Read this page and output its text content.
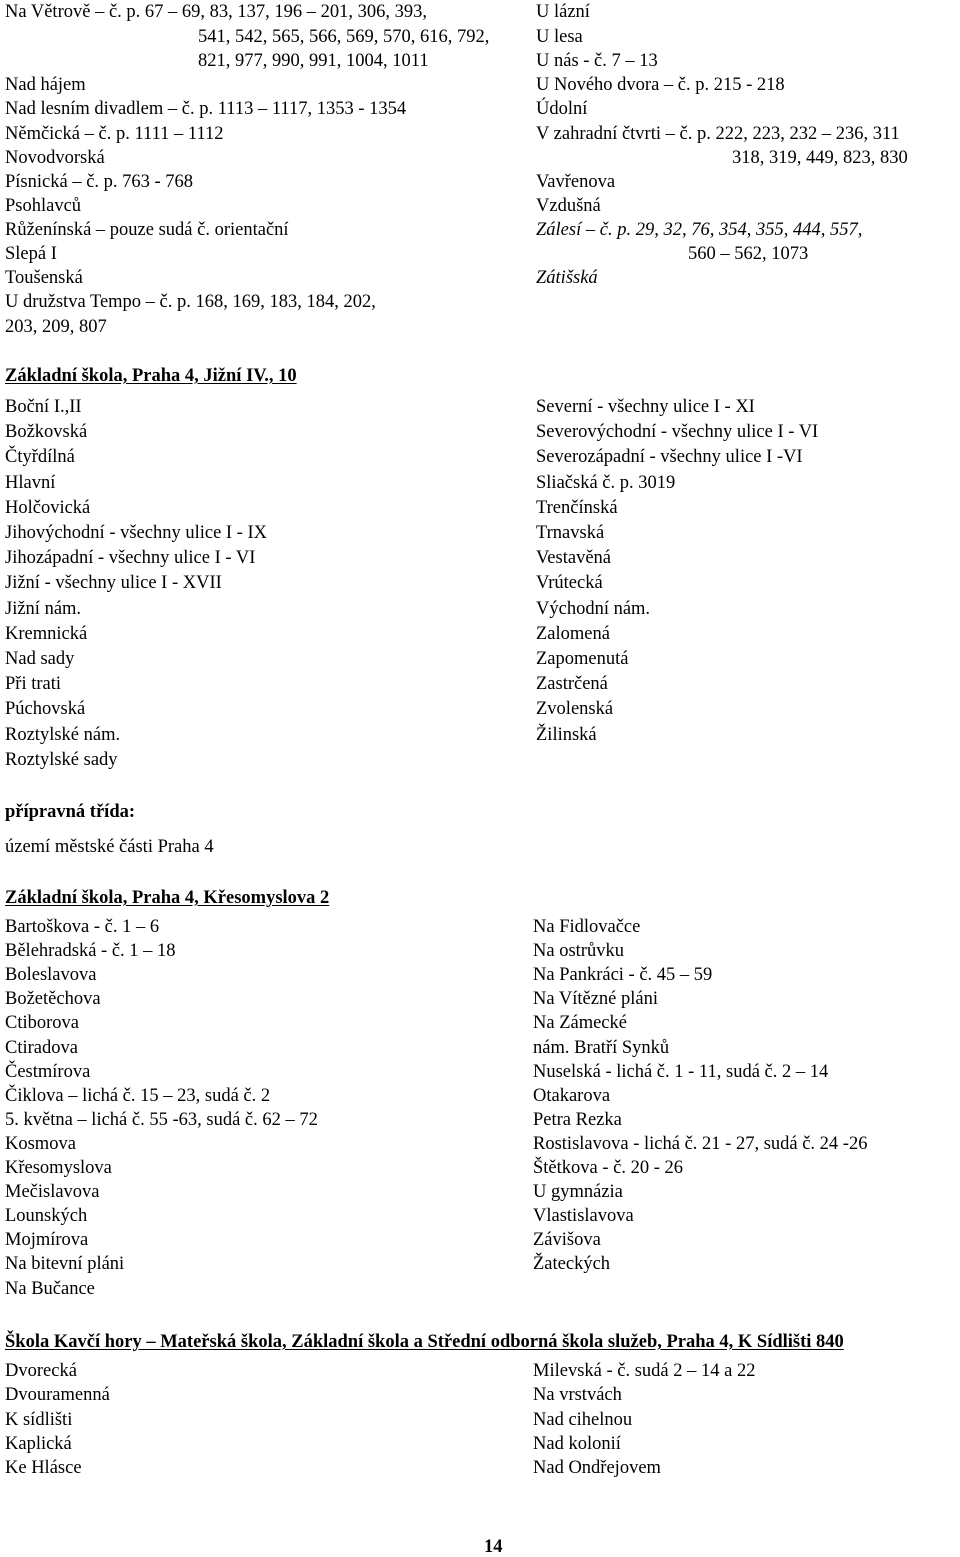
Na Větrově – č. p. 67 – 69, 83, 137, 196 – 201, 306, 393,
541, 542, 565, 566, 569, 570, 616, 792,
821, 977, 990, 991, 1004, 1011
Nad hájem
Nad lesním divadlem – č. p. 1113 – 1117, 1353 - 1354
Němčická – č. p. 1111 – 1112
Novodvorská
Písnická – č. p. 763 - 768
Psohlavců
Růženínská – pouze sudá č. orientační
Slepá I
Toušenská
U družstva Tempo – č. p. 168, 169, 183, 184, 202,
203, 209, 807
U lázní
U lesa
U nás - č. 7 – 13
U Nového dvora – č. p. 215 - 218
Údolní
V zahradní čtvrti – č. p. 222, 223, 232 – 236, 311
318, 319, 449, 823, 830
Vavřenova
Vzdušná
Zálesí – č. p. 29, 32, 76, 354, 355, 444, 557,
560 – 562, 1073
Zátišská
Boční I.,II
Božkovská
Čtyřdílná
Hlavní
Holčovická
Jihovýchodní - všechny ulice I - IX
Jihozápadní - všechny ulice I - VI
Jižní - všechny ulice I - XVII
Jižní nám.
Kremnická
Nad sady
Při trati
Púchovská
Roztylské nám.
Roztylské sady
Severní - všechny ulice I - XI
Severovýchodní - všechny ulice I - VI
Severozápadní - všechny ulice I -VI
Sliačská č. p. 3019
Trenčínská
Trnavská
Vestavěná
Vrútecká
Východní nám.
Zalomená
Zapomenutá
Zastrčená
Zvolenská
Žilinská
Bartoškova - č. 1 – 6
Bělehradská - č. 1 – 18
Boleslavova
Božetěchova
Ctiborova
Ctiradova
Čestmírova
Čiklova – lichá č. 15 – 23, sudá č. 2
5. května – lichá č. 55 -63, sudá č. 62 – 72
Kosmova
Křesomyslova
Mečislavova
Lounských
Mojmírova
Na bitevní pláni
Na Bučance
Na Fidlovačce
Na ostrůvku
Na Pankráci - č. 45 – 59
Na Vítězné pláni
Na Zámecké
nám. Bratří Synků
Nuselská - lichá č. 1 - 11, sudá č. 2 – 14
Otakarova
Petra Rezka
Rostislavova - lichá č. 21 - 27, sudá č. 24 -26
Štětkova - č. 20 - 26
U gymnázia
Vlastislavova
Závišova
Žateckých
Dvorecká
Dvouramenná
K sídlišti
Kaplická
Ke Hlásce
Milevská - č. sudá 2 – 14 a 22
Na vrstvách
Nad cihelnou
Nad kolonií
Nad Ondřejovem
Základní škola, Praha 4, Jižní IV., 10
přípravná třída:
území městské části Praha 4
Základní škola, Praha 4, Křesomyslova 2
Škola Kavčí hory – Mateřská škola, Základní škola a Střední odborná škola služeb, Praha 4, K Sídlišti 840
14
